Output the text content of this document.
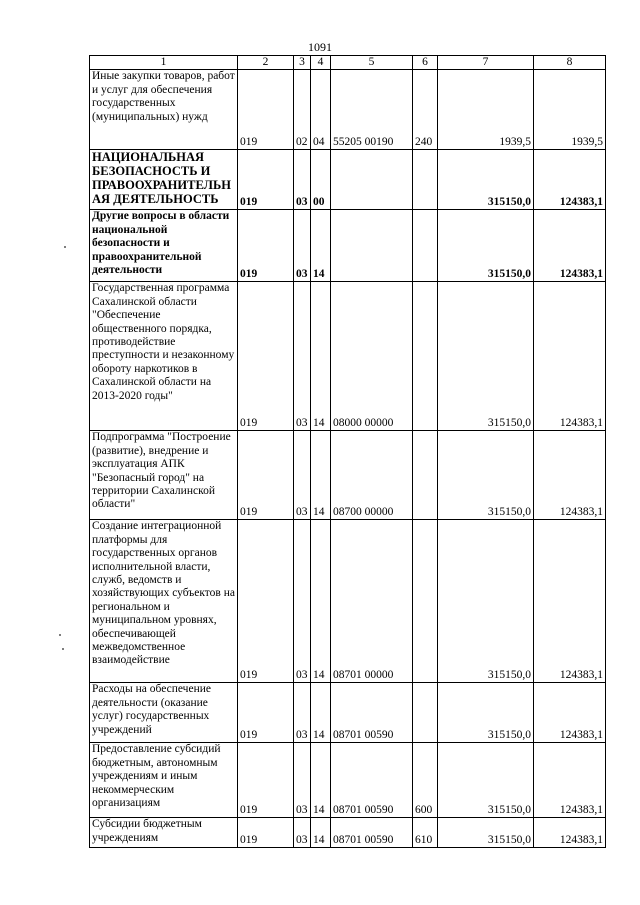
1091
1	2	3	4	5	6	7	8
Иные закупки товаров, работ и услуг для обеспечения государственных (муниципальных) нужд	019	02	04	55205 00190	240	1939,5	1939,5
НАЦИОНАЛЬНАЯ БЕЗОПАСНОСТЬ И ПРАВООХРАНИТЕЛЬН АЯ ДЕЯТЕЛЬНОСТЬ	019	03	00			315150,0	124383,1
Другие вопросы в области национальной безопасности и правоохранительной деятельности	019	03	14			315150,0	124383,1
Государственная программа Сахалинской области "Обеспечение общественного порядка, противодействие преступности и незаконному обороту наркотиков в Сахалинской области на 2013-2020 годы"	019	03	14	08000 00000		315150,0	124383,1
Подпрограмма "Построение (развитие), внедрение и эксплуатация АПК "Безопасный город" на территории Сахалинской области"	019	03	14	08700 00000		315150,0	124383,1
Создание интеграционной платформы для государственных органов исполнительной власти, служб, ведомств и хозяйствующих субъектов на региональном и муниципальном уровнях, обеспечивающей межведомственное взаимодействие	019	03	14	08701 00000		315150,0	124383,1
Расходы на обеспечение деятельности (оказание услуг) государственных учреждений	019	03	14	08701 00590		315150,0	124383,1
Предоставление субсидий бюджетным, автономным учреждениям и иным некоммерческим организациям	019	03	14	08701 00590	600	315150,0	124383,1
Субсидии бюджетным учреждениям	019	03	14	08701 00590	610	315150,0	124383,1
